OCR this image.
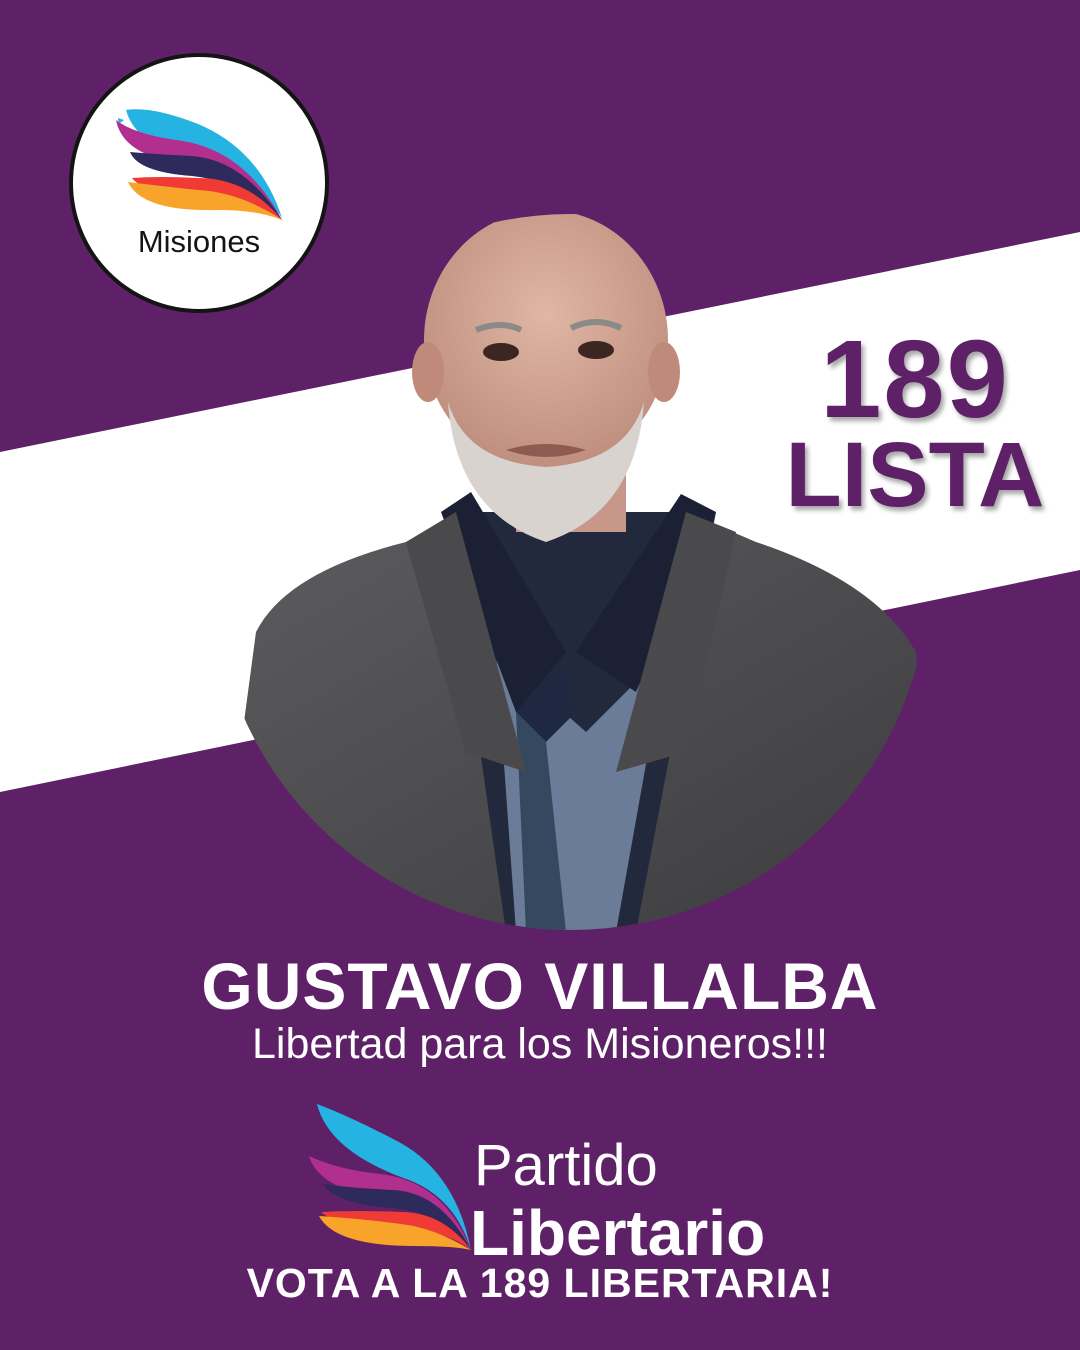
Misiones
189
LISTA
GUSTAVO VILLALBA
Libertad para los Misioneros!!!
Partido
Libertario
VOTA A LA 189 LIBERTARIA!
